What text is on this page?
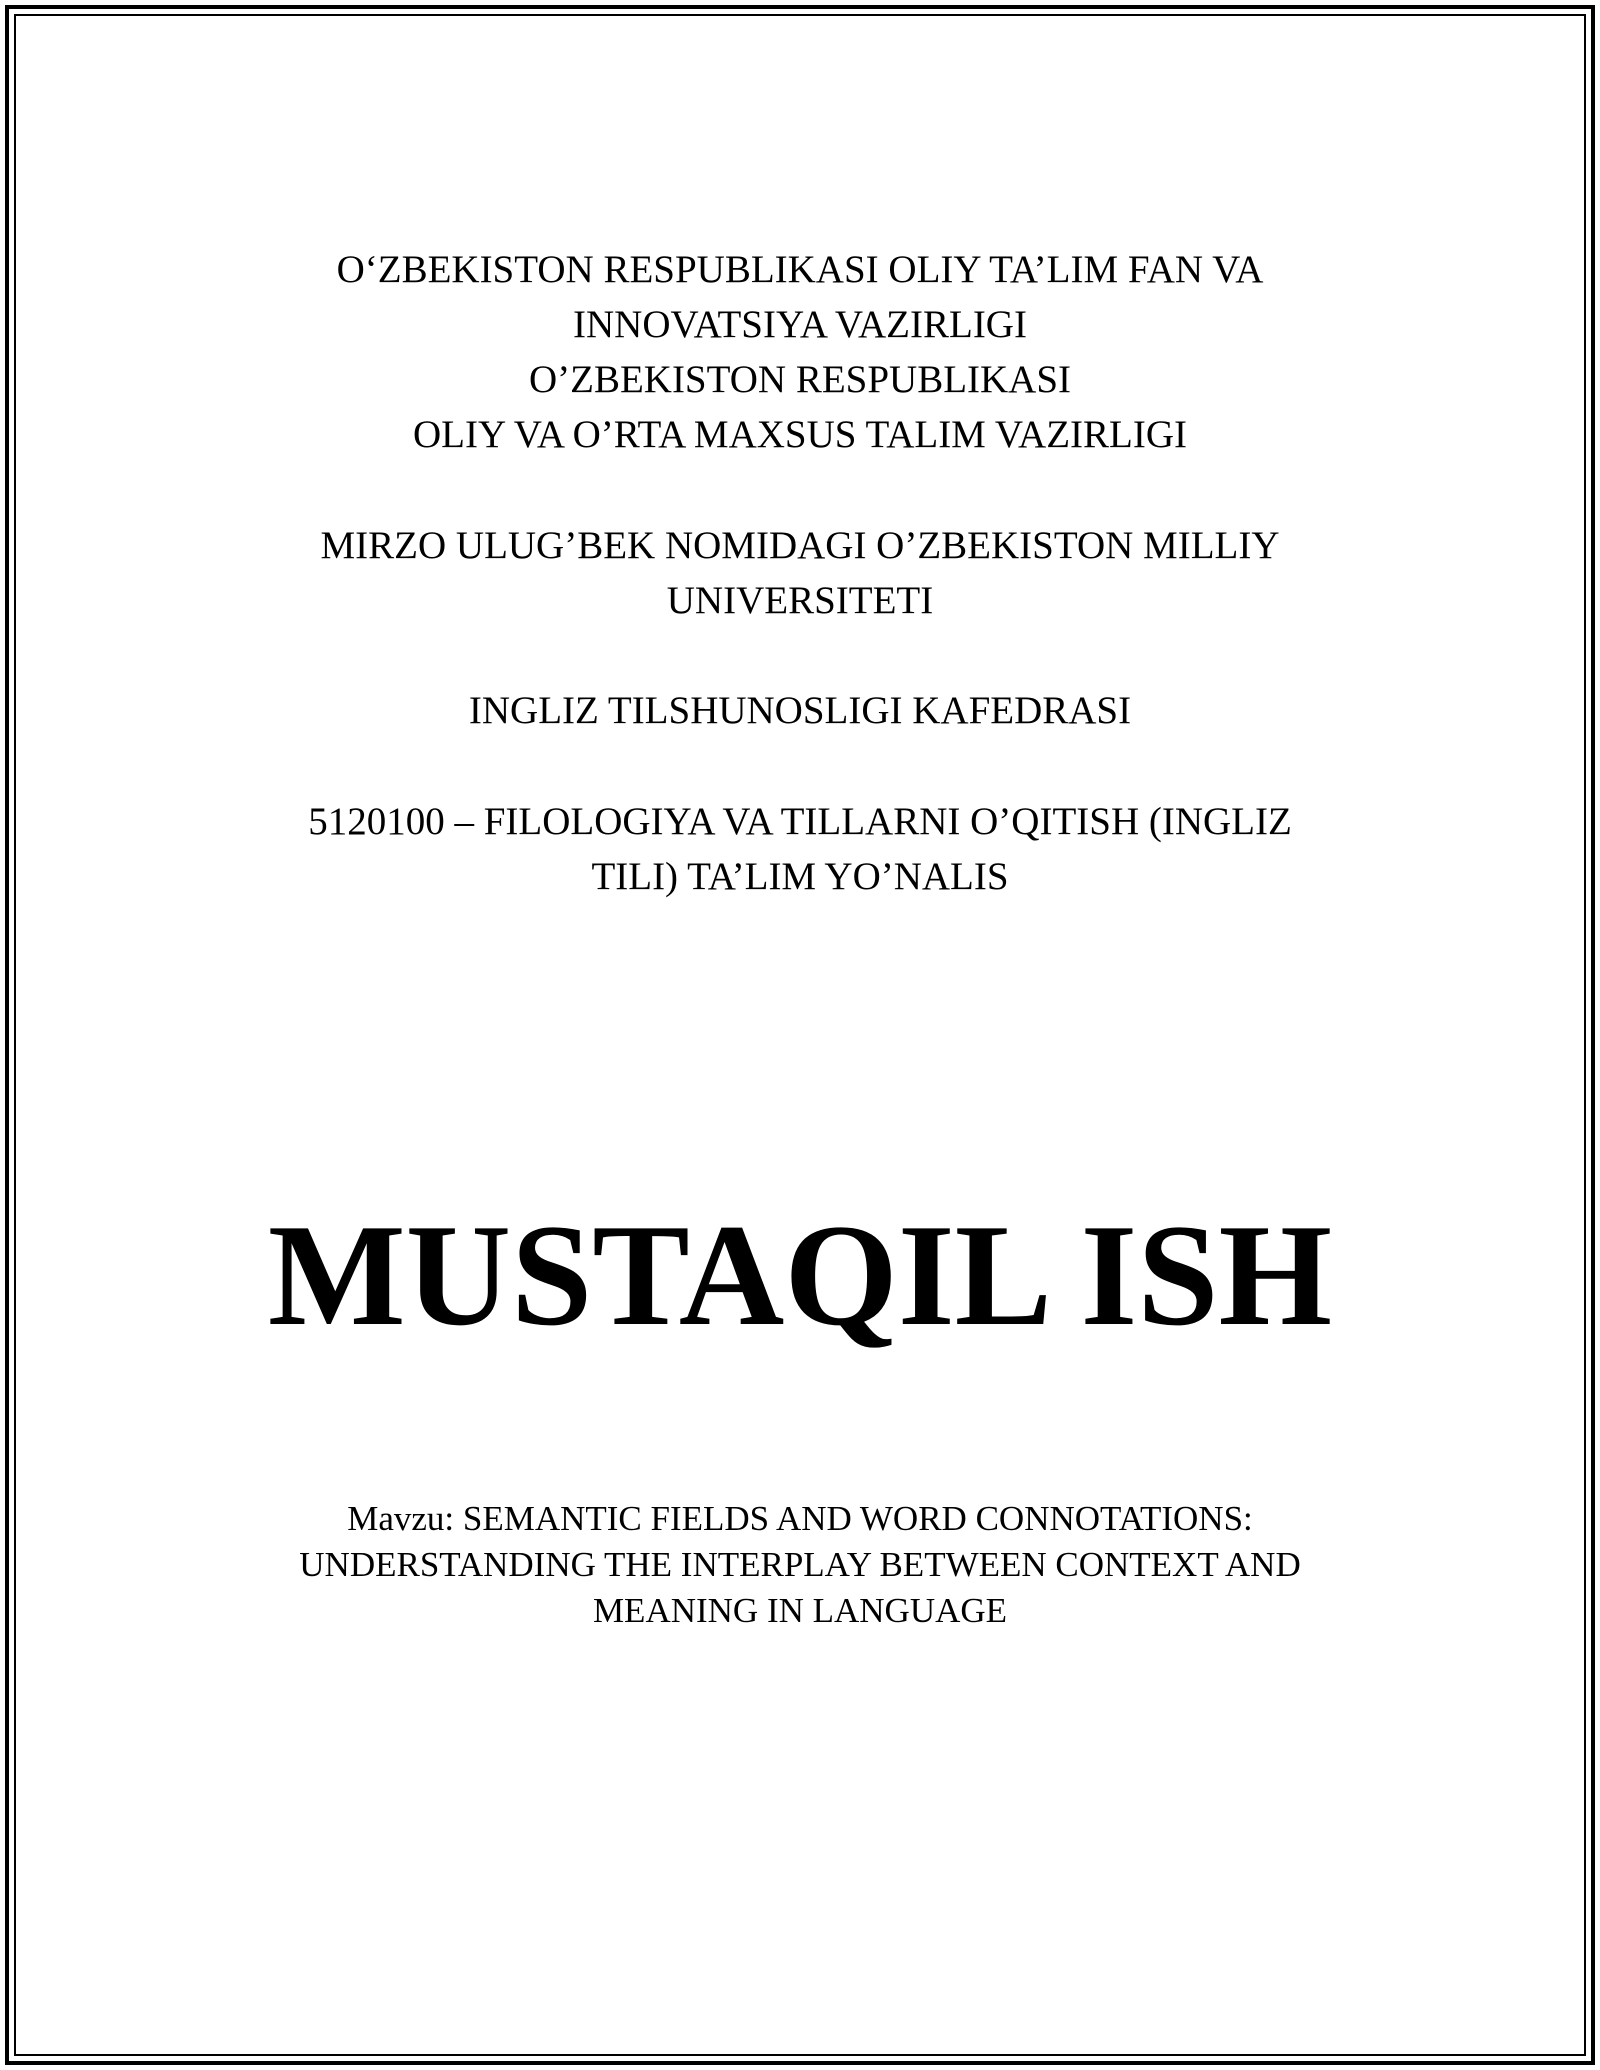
O‘ZBEKISTON RESPUBLIKASI OLIY TA’LIM FAN VA
INNOVATSIYA VAZIRLIGI
O’ZBEKISTON RESPUBLIKASI
OLIY VA O’RTA MAXSUS TALIM VAZIRLIGI
MIRZO ULUG’BEK NOMIDAGI O’ZBEKISTON MILLIY
UNIVERSITETI
INGLIZ TILSHUNOSLIGI KAFEDRASI
5120100 – FILOLOGIYA VA TILLARNI O’QITISH (INGLIZ
TILI) TA’LIM YO’NALIS
MUSTAQIL ISH
Mavzu: SEMANTIC FIELDS AND WORD CONNOTATIONS:
UNDERSTANDING THE INTERPLAY BETWEEN CONTEXT AND
MEANING IN LANGUAGE
